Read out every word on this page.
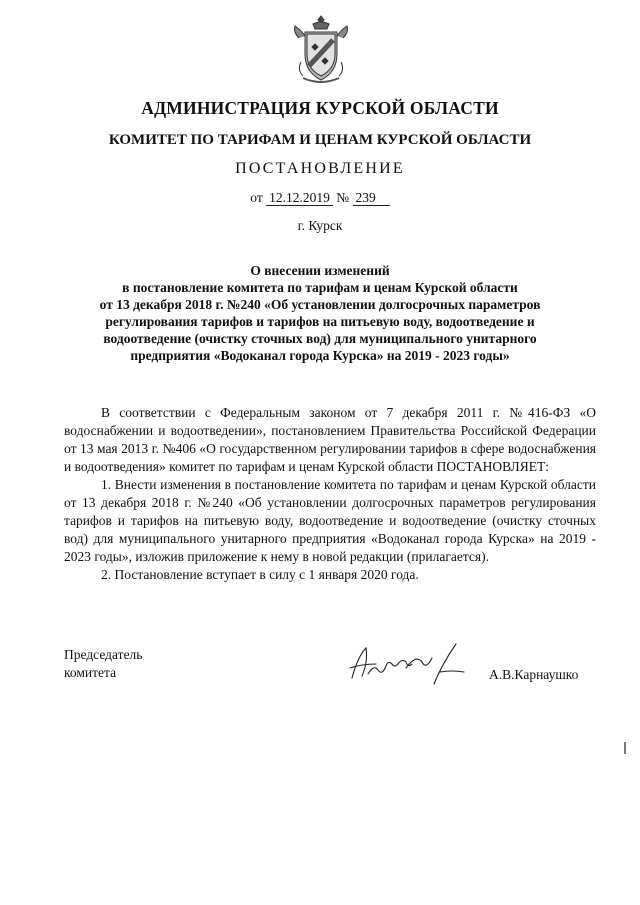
АДМИНИСТРАЦИЯ КУРСКОЙ ОБЛАСТИ
КОМИТЕТ ПО ТАРИФАМ И ЦЕНАМ КУРСКОЙ ОБЛАСТИ
ПОСТАНОВЛЕНИЕ
от 12.12.2019 № 239
г. Курск
О внесении изменений
в постановление комитета по тарифам и ценам Курской области
от 13 декабря 2018 г. №240 «Об установлении долгосрочных параметров
регулирования тарифов и тарифов на питьевую воду, водоотведение и
водоотведение (очистку сточных вод) для муниципального унитарного
предприятия «Водоканал города Курска» на 2019 - 2023 годы»

В соответствии с Федеральным законом от 7 декабря 2011 г. №416-ФЗ «О водоснабжении и водоотведении», постановлением Правительства Российской Федерации от 13 мая 2013 г. №406 «О государственном регулировании тарифов в сфере водоснабжения и водоотведения» комитет по тарифам и ценам Курской области ПОСТАНОВЛЯЕТ:

1. Внести изменения в постановление комитета по тарифам и ценам Курской области от 13 декабря 2018 г. №240 «Об установлении долгосрочных параметров регулирования тарифов и тарифов на питьевую воду, водоотведение и водоотведение (очистку сточных вод) для муниципального унитарного предприятия «Водоканал города Курска» на 2019 - 2023 годы», изложив приложение к нему в новой редакции (прилагается).

2. Постановление вступает в силу с 1 января 2020 года.

Председатель
комитета	А.В.Карнаушко
